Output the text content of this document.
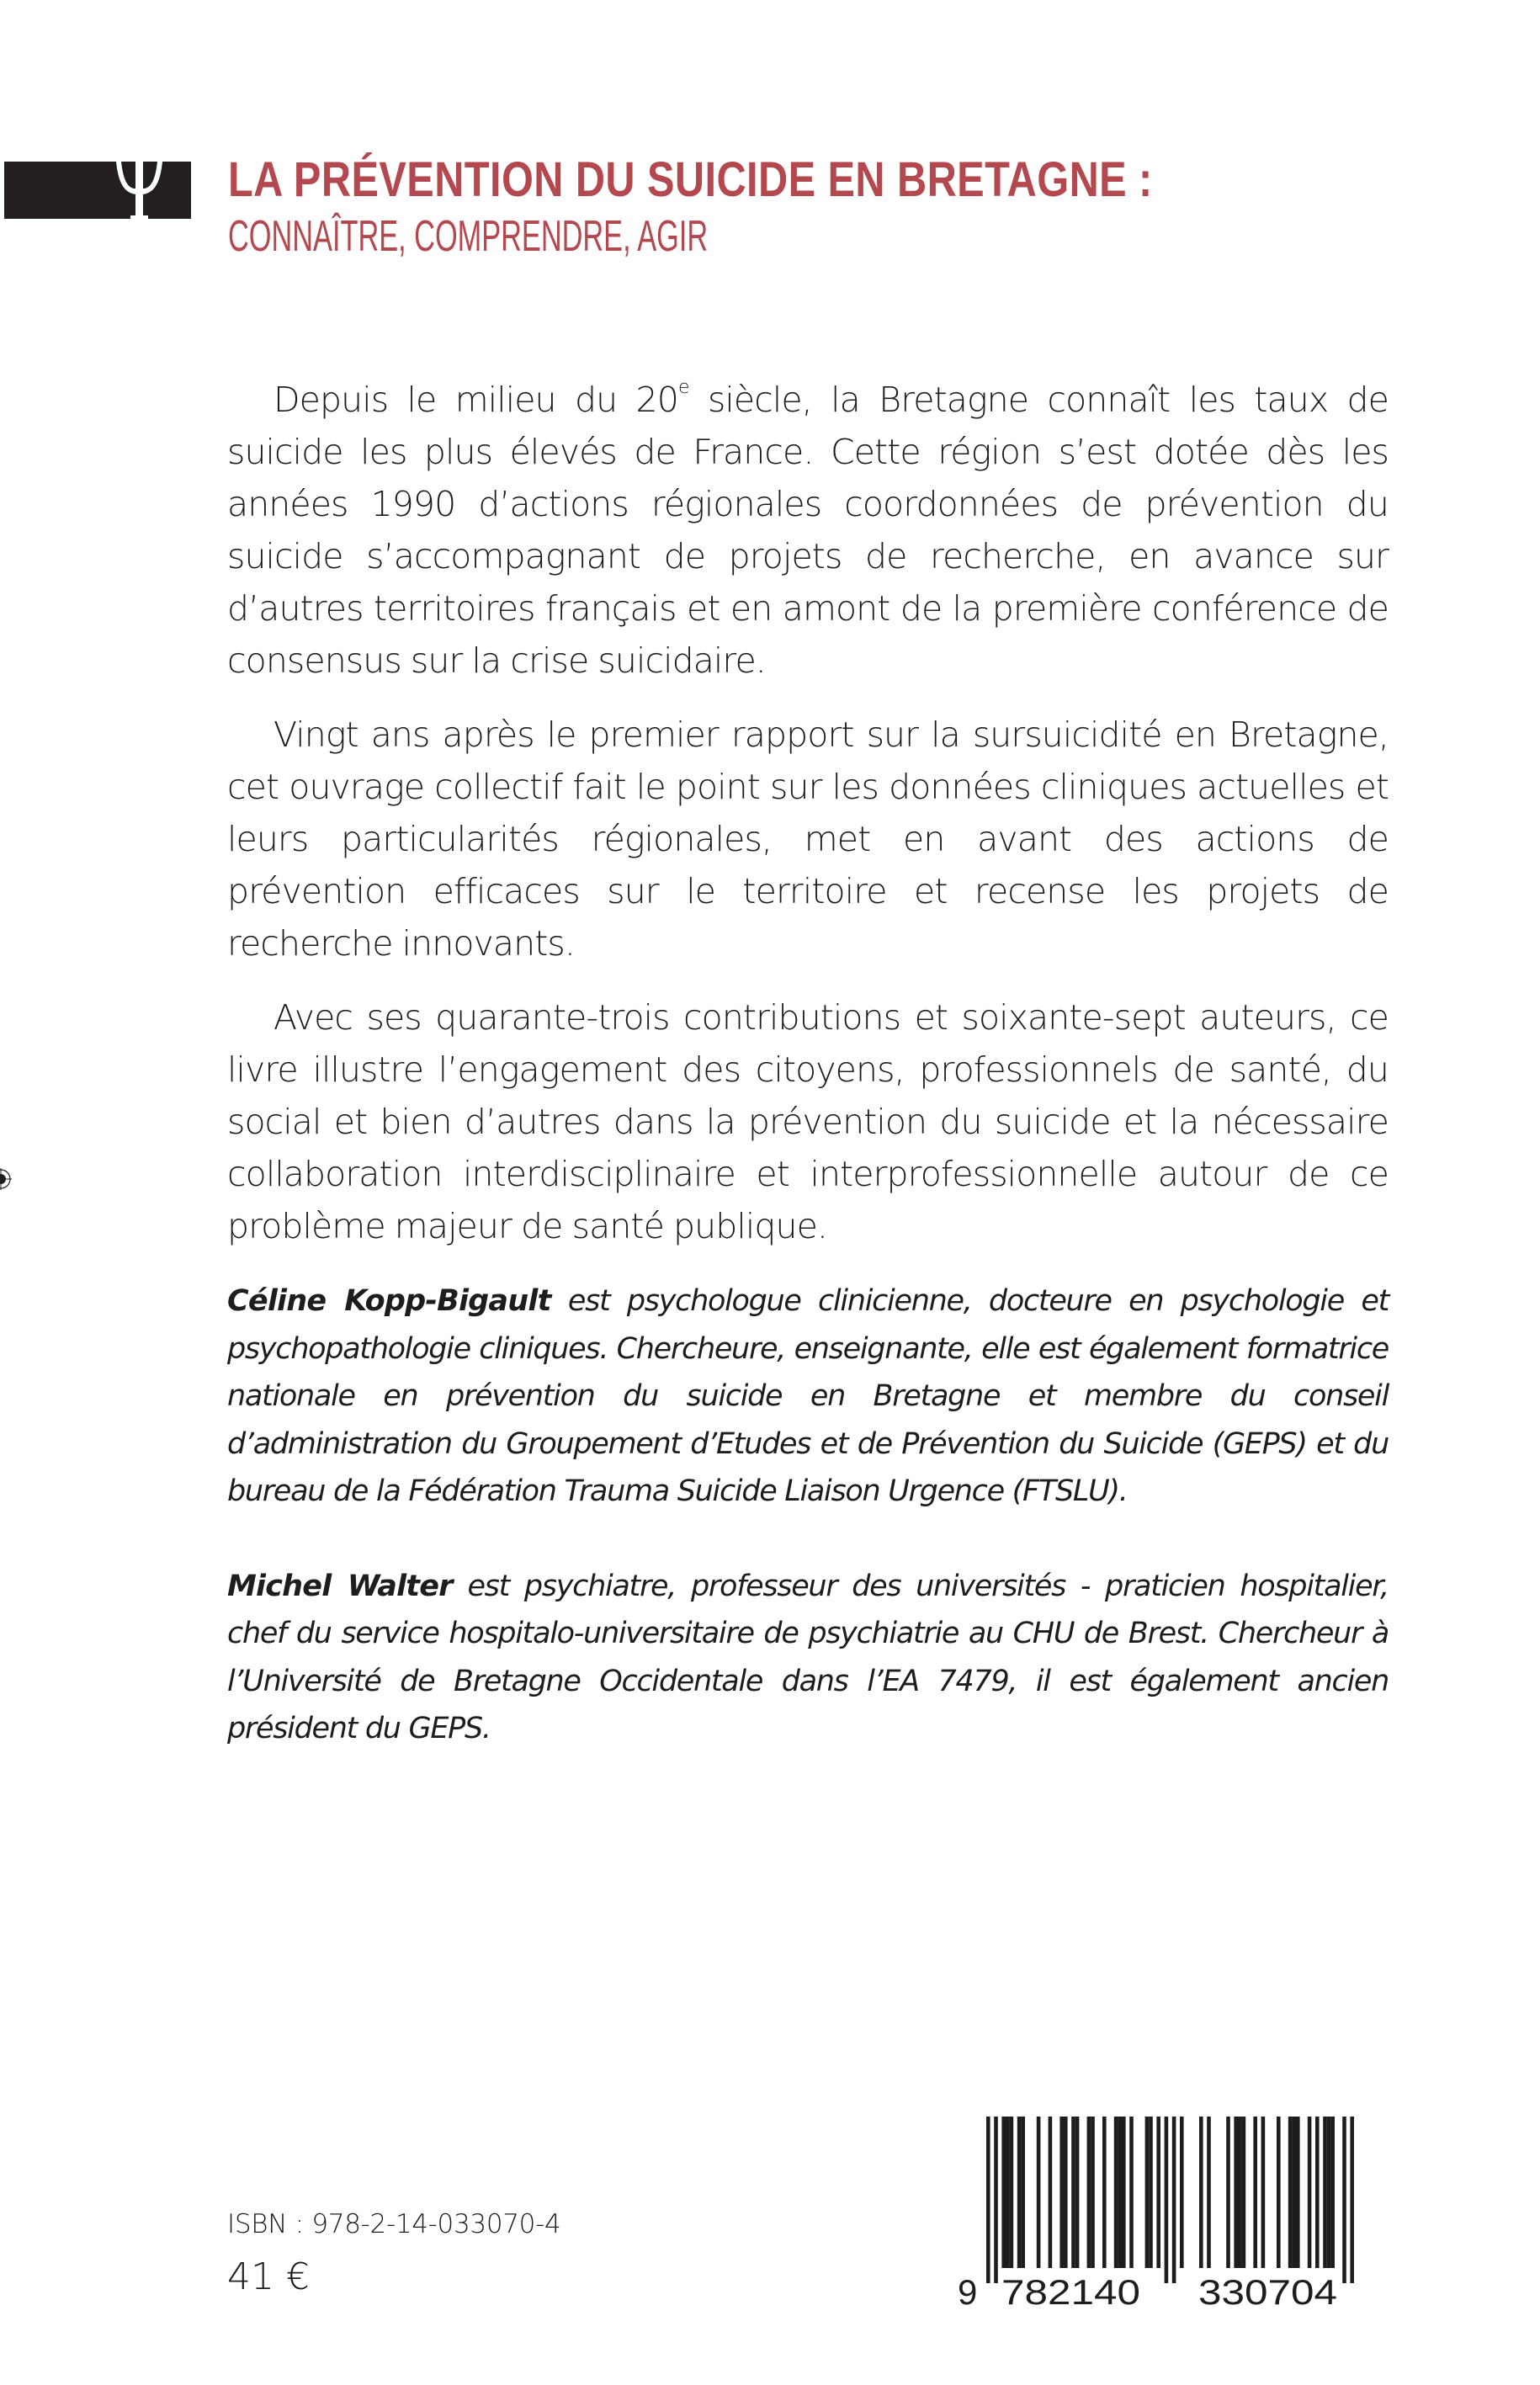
LA PRÉVENTION DU SUICIDE EN BRETAGNE :
CONNAÎTRE, COMPRENDRE, AGIR

Depuis le milieu du 20e siècle, la Bretagne connaît les taux de suicide les plus élevés de France. Cette région s’est dotée dès les années 1990 d’actions régionales coordonnées de prévention du suicide s’accompagnant de projets de recherche, en avance sur d’autres territoires français et en amont de la première conférence de consensus sur la crise suicidaire.

Vingt ans après le premier rapport sur la sursuicidité en Bretagne, cet ouvrage collectif fait le point sur les données cliniques actuelles et leurs particularités régionales, met en avant des actions de prévention efficaces sur le territoire et recense les projets de recherche innovants.

Avec ses quarante-trois contributions et soixante-sept auteurs, ce livre illustre l’engagement des citoyens, professionnels de santé, du social et bien d’autres dans la prévention du suicide et la nécessaire collaboration interdisciplinaire et interprofessionnelle autour de ce problème majeur de santé publique.

Céline Kopp-Bigault est psychologue clinicienne, docteure en psychologie et psychopathologie cliniques. Chercheure, enseignante, elle est également formatrice nationale en prévention du suicide en Bretagne et membre du conseil d’administration du Groupement d’Etudes et de Prévention du Suicide (GEPS) et du bureau de la Fédération Trauma Suicide Liaison Urgence (FTSLU).

Michel Walter est psychiatre, professeur des universités - praticien hospitalier, chef du service hospitalo-universitaire de psychiatrie au CHU de Brest. Chercheur à l’Université de Bretagne Occidentale dans l’EA 7479, il est également ancien président du GEPS.

ISBN : 978-2-14-033070-4
41 €	9 782140 330704
